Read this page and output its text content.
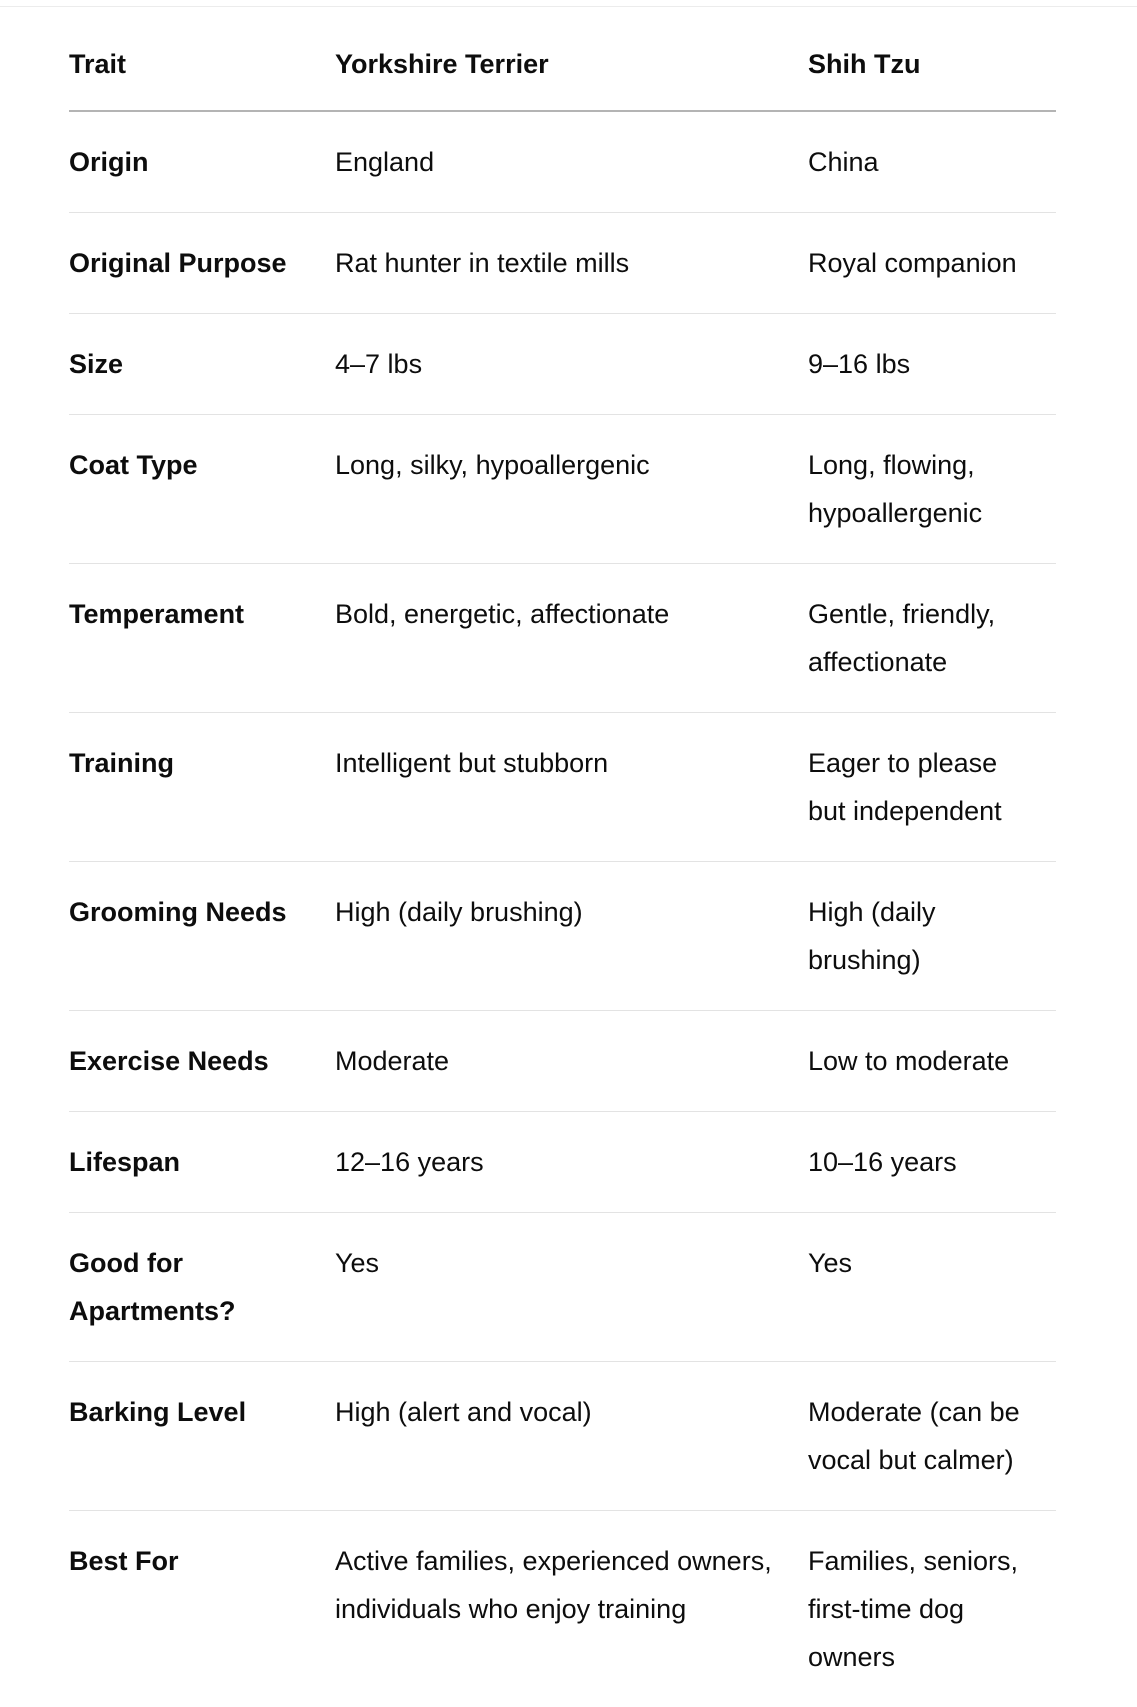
Trait	Yorkshire Terrier	Shih Tzu
Origin	England	China
Original Purpose	Rat hunter in textile mills	Royal companion
Size	4–7 lbs	9–16 lbs
Coat Type	Long, silky, hypoallergenic	Long, flowing, hypoallergenic
Temperament	Bold, energetic, affectionate	Gentle, friendly, affectionate
Training	Intelligent but stubborn	Eager to please but independent
Grooming Needs	High (daily brushing)	High (daily brushing)
Exercise Needs	Moderate	Low to moderate
Lifespan	12–16 years	10–16 years
Good for Apartments?	Yes	Yes
Barking Level	High (alert and vocal)	Moderate (can be vocal but calmer)
Best For	Active families, experienced owners, individuals who enjoy training	Families, seniors, first-time dog owners
